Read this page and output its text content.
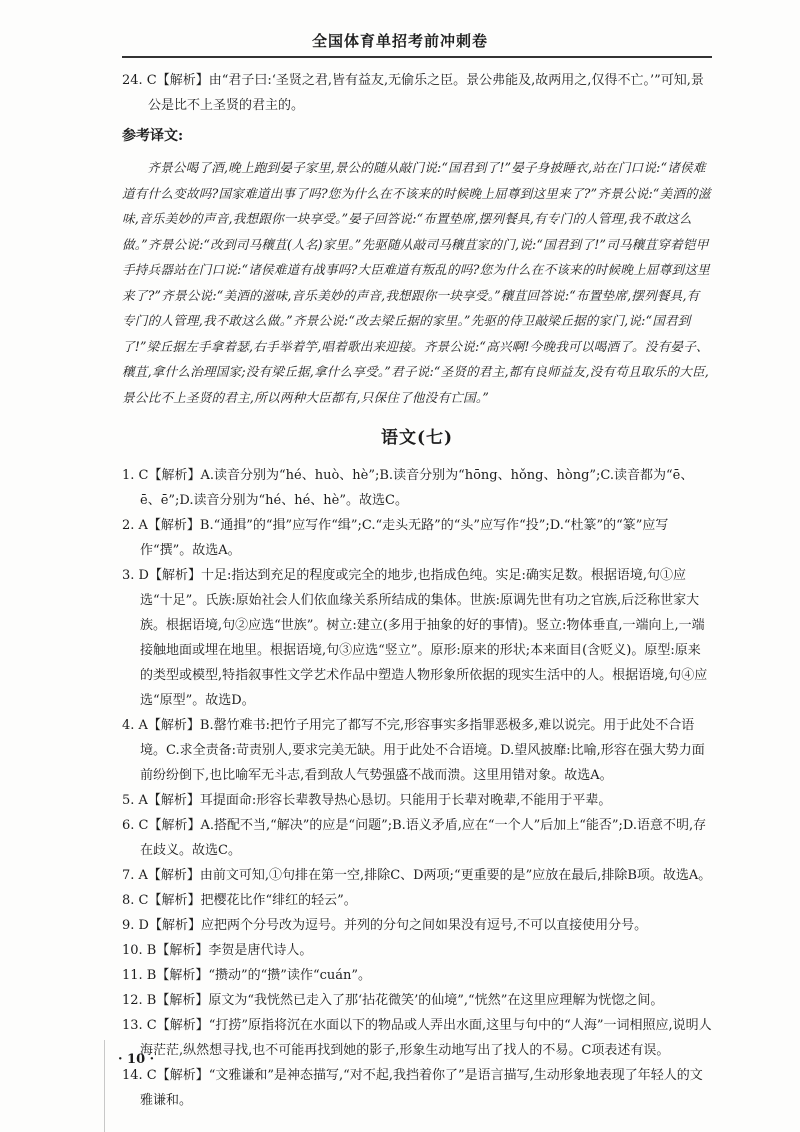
全国体育单招考前冲刺卷

24. C【解析】由“君子曰:‘圣贤之君,皆有益友,无偷乐之臣。景公弗能及,故两用之,仅得不亡。’”可知,景公是比不上圣贤的君主的。

参考译文:

齐景公喝了酒,晚上跑到晏子家里,景公的随从敲门说:“国君到了!”晏子身披睡衣,站在门口说:“诸侯难道有什么变故吗?国家难道出事了吗?您为什么在不该来的时候晚上屈尊到这里来了?”齐景公说:“美酒的滋味,音乐美妙的声音,我想跟你一块享受。”晏子回答说:“布置垫席,摆列餐具,有专门的人管理,我不敢这么做。”齐景公说:“改到司马穰苴(人名)家里。”先驱随从敲司马穰苴家的门,说:“国君到了!”司马穰苴穿着铠甲手持兵器站在门口说:“诸侯难道有战事吗?大臣难道有叛乱的吗?您为什么在不该来的时候晚上屈尊到这里来了?”齐景公说:“美酒的滋味,音乐美妙的声音,我想跟你一块享受。”穰苴回答说:“布置垫席,摆列餐具,有专门的人管理,我不敢这么做。”齐景公说:“改去梁丘据的家里。”先驱的侍卫敲梁丘据的家门,说:“国君到了!”梁丘据左手拿着瑟,右手举着竽,唱着歌出来迎接。齐景公说:“高兴啊!今晚我可以喝酒了。没有晏子、穰苴,拿什么治理国家;没有梁丘据,拿什么享受。”君子说:“圣贤的君主,都有良师益友,没有苟且取乐的大臣,景公比不上圣贤的君主,所以两种大臣都有,只保住了他没有亡国。”

语文(七)

1. C【解析】A.读音分别为“hé、huò、hè”;B.读音分别为“hōng、hǒng、hòng”;C.读音都为“ē、ē、ē”;D.读音分别为“hé、hé、hè”。故选C。

2. A【解析】B.“通揖”的“揖”应写作“缉”;C.“走头无路”的“头”应写作“投”;D.“杜篆”的“篆”应写作“撰”。故选A。

3. D【解析】十足:指达到充足的程度或完全的地步,也指成色纯。实足:确实足数。根据语境,句①应选“十足”。氏族:原始社会人们依血缘关系所结成的集体。世族:原调先世有功之官族,后泛称世家大族。根据语境,句②应选“世族”。树立:建立(多用于抽象的好的事情)。竖立:物体垂直,一端向上,一端接触地面或埋在地里。根据语境,句③应选“竖立”。原形:原来的形状;本来面目(含贬义)。原型:原来的类型或模型,特指叙事性文学艺术作品中塑造人物形象所依据的现实生活中的人。根据语境,句④应选“原型”。故选D。

4. A【解析】B.罄竹难书:把竹子用完了都写不完,形容事实多指罪恶极多,难以说完。用于此处不合语境。C.求全责备:苛责别人,要求完美无缺。用于此处不合语境。D.望风披靡:比喻,形容在强大势力面前纷纷倒下,也比喻军无斗志,看到敌人气势强盛不战而溃。这里用错对象。故选A。

5. A【解析】耳提面命:形容长辈教导热心恳切。只能用于长辈对晚辈,不能用于平辈。

6. C【解析】A.搭配不当,“解决”的应是“问题”;B.语义矛盾,应在“一个人”后加上“能否”;D.语意不明,存在歧义。故选C。

7. A【解析】由前文可知,①句排在第一空,排除C、D两项;“更重要的是”应放在最后,排除B项。故选A。

8. C【解析】把樱花比作“绯红的轻云”。

9. D【解析】应把两个分号改为逗号。并列的分句之间如果没有逗号,不可以直接使用分号。

10. B【解析】李贺是唐代诗人。

11. B【解析】“攒动”的“攒”读作“cuán”。

12. B【解析】原文为“我恍然已走入了那‘拈花微笑’的仙境”,“恍然”在这里应理解为恍惚之间。

13. C【解析】“打捞”原指将沉在水面以下的物品或人弄出水面,这里与句中的“人海”一词相照应,说明人海茫茫,纵然想寻找,也不可能再找到她的影子,形象生动地写出了找人的不易。C项表述有误。

14. C【解析】“文雅谦和”是神态描写,“对不起,我挡着你了”是语言描写,生动形象地表现了年轻人的文雅谦和。

· 10 ·
